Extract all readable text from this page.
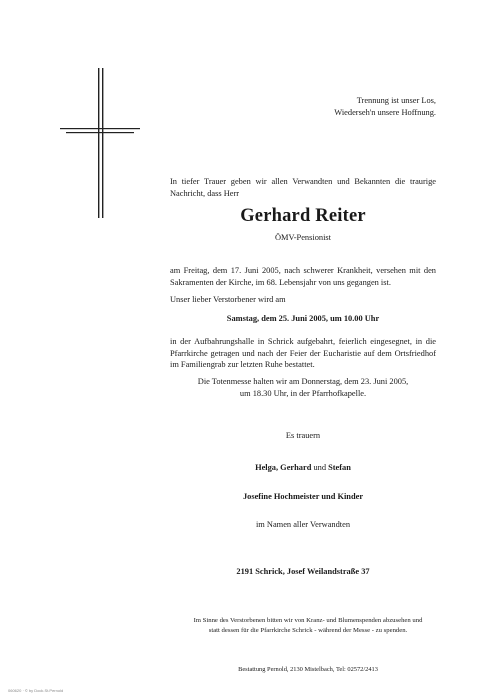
Trennung ist unser Los,
Wiederseh'n unsere Hoffnung.
In tiefer Trauer geben wir allen Verwandten und Bekannten die traurige Nachricht, dass Herr
Gerhard Reiter
ÖMV-Pensionist
am Freitag, dem 17. Juni 2005, nach schwerer Krankheit, versehen mit den Sakramenten der Kirche, im 68. Lebensjahr von uns gegangen ist.
Unser lieber Verstorbener wird am
Samstag, dem 25. Juni 2005, um 10.00 Uhr
in der Aufbahrungshalle in Schrick aufgebahrt, feierlich eingesegnet, in die Pfarrkirche getragen und nach der Feier der Eucharistie auf dem Ortsfriedhof im Familiengrab zur letzten Ruhe bestattet.
Die Totenmesse halten wir am Donnerstag, dem 23. Juni 2005,
um 18.30 Uhr, in der Pfarrhofkapelle.
Es trauern
Helga, Gerhard und Stefan
Josefine Hochmeister und Kinder
im Namen aller Verwandten
2191 Schrick, Josef Weilandstraße 37
Im Sinne des Verstorbenen bitten wir von Kranz- und Blumenspenden abzusehen und
statt dessen für die Pfarrkirche Schrick - während der Messe - zu spenden.
Bestattung Pernold, 2130 Mistelbach, Tel: 02572/2413
060620 · © by Dock.St.Pernold
